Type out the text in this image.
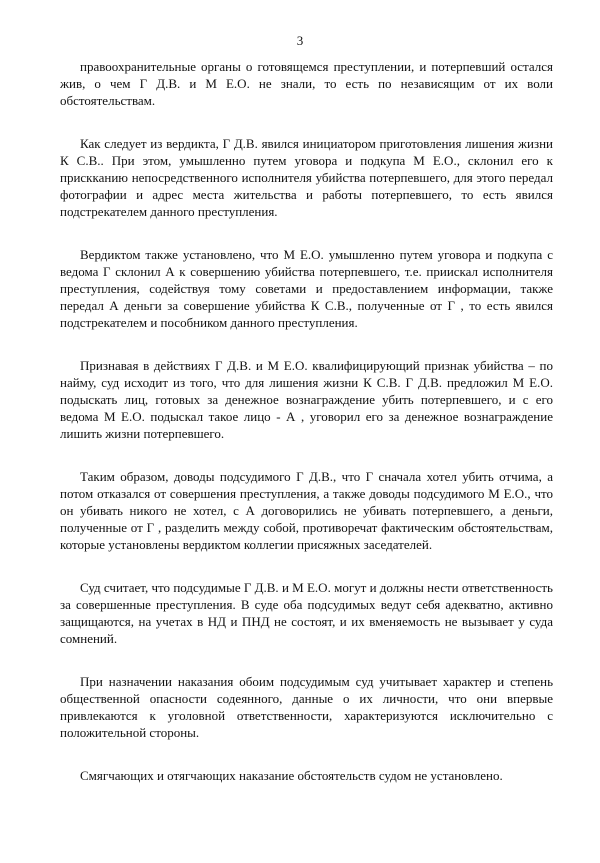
3

правоохранительные органы о готовящемся преступлении, и потерпевший остался жив, о чем Г Д.В. и М Е.О. не знали, то есть по независящим от их воли обстоятельствам.

Как следует из вердикта, Г Д.В. явился инициатором приготовления лишения жизни К С.В.. При этом, умышленно путем уговора и подкупа М Е.О., склонил его к прискканию непосредственного исполнителя убийства потерпевшего, для этого передал фотографии и адрес места жительства и работы потерпевшего, то есть явился подстрекателем данного преступления.

Вердиктом также установлено, что М Е.О. умышленно путем уговора и подкупа с ведома Г склонил А к совершению убийства потерпевшего, т.е. приискал исполнителя преступления, содействуя тому советами и предоставлением информации, также передал А деньги за совершение убийства К С.В., полученные от Г , то есть явился подстрекателем и пособником данного преступления.

Признавая в действиях Г Д.В. и М Е.О. квалифицирующий признак убийства – по найму, суд исходит из того, что для лишения жизни К С.В. Г Д.В. предложил М Е.О. подыскать лиц, готовых за денежное вознаграждение убить потерпевшего, и с его ведома М Е.О. подыскал такое лицо - А , уговорил его за денежное вознаграждение лишить жизни потерпевшего.

Таким образом, доводы подсудимого Г Д.В., что Г сначала хотел убить отчима, а потом отказался от совершения преступления, а также доводы подсудимого М Е.О., что он убивать никого не хотел, с А договорились не убивать потерпевшего, а деньги, полученные от Г , разделить между собой, противоречат фактическим обстоятельствам, которые установлены вердиктом коллегии присяжных заседателей.

Суд считает, что подсудимые Г Д.В. и М Е.О. могут и должны нести ответственность за совершенные преступления. В суде оба подсудимых ведут себя адекватно, активно защищаются, на учетах в НД и ПНД не состоят, и их вменяемость не вызывает у суда сомнений.

При назначении наказания обоим подсудимым суд учитывает характер и степень общественной опасности содеянного, данные о их личности, что они впервые привлекаются к уголовной ответственности, характеризуются исключительно с положительной стороны.

Смягчающих и отягчающих наказание обстоятельств судом не установлено.
